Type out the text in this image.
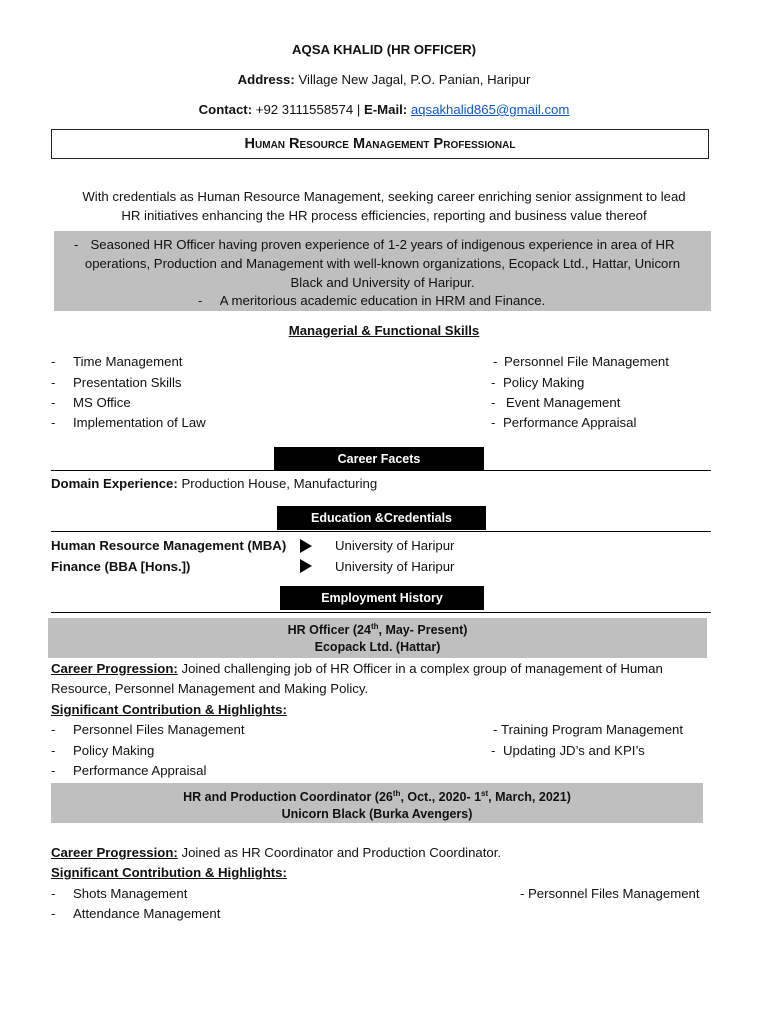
AQSA KHALID (HR OFFICER)
Address: Village New Jagal, P.O. Panian, Haripur
Contact: +92 3111558574 | E-Mail: aqsakhalid865@gmail.com
Human Resource Management Professional
With credentials as Human Resource Management, seeking career enriching senior assignment to lead
HR initiatives enhancing the HR process efficiencies, reporting and business value thereof
- Seasoned HR Officer having proven experience of 1-2 years of indigenous experience in area of HR
operations, Production and Management with well-known organizations, Ecopack Ltd., Hattar, Unicorn
Black and University of Haripur.
-	A meritorious academic education in HRM and Finance.
Managerial & Functional Skills
- Time Management
- Presentation Skills
- MS Office
- Implementation of Law
- Personnel File Management
- Policy Making
- Event Management
- Performance Appraisal
Career Facets
Domain Experience: Production House, Manufacturing
Education &Credentials
Human Resource Management (MBA)	University of Haripur
Finance (BBA [Hons.])	University of Haripur
Employment History
HR Officer (24th, May- Present)
Ecopack Ltd. (Hattar)
Career Progression: Joined challenging job of HR Officer in a complex group of management of Human
Resource, Personnel Management and Making Policy.
Significant Contribution & Highlights:
- Personnel Files Management
- Policy Making
- Performance Appraisal
- Training Program Management
- Updating JD’s and KPI’s
HR and Production Coordinator (26th, Oct., 2020- 1st, March, 2021)
Unicorn Black (Burka Avengers)
Career Progression: Joined as HR Coordinator and Production Coordinator.
Significant Contribution & Highlights:
- Shots Management
- Attendance Management
- Personnel Files Management
